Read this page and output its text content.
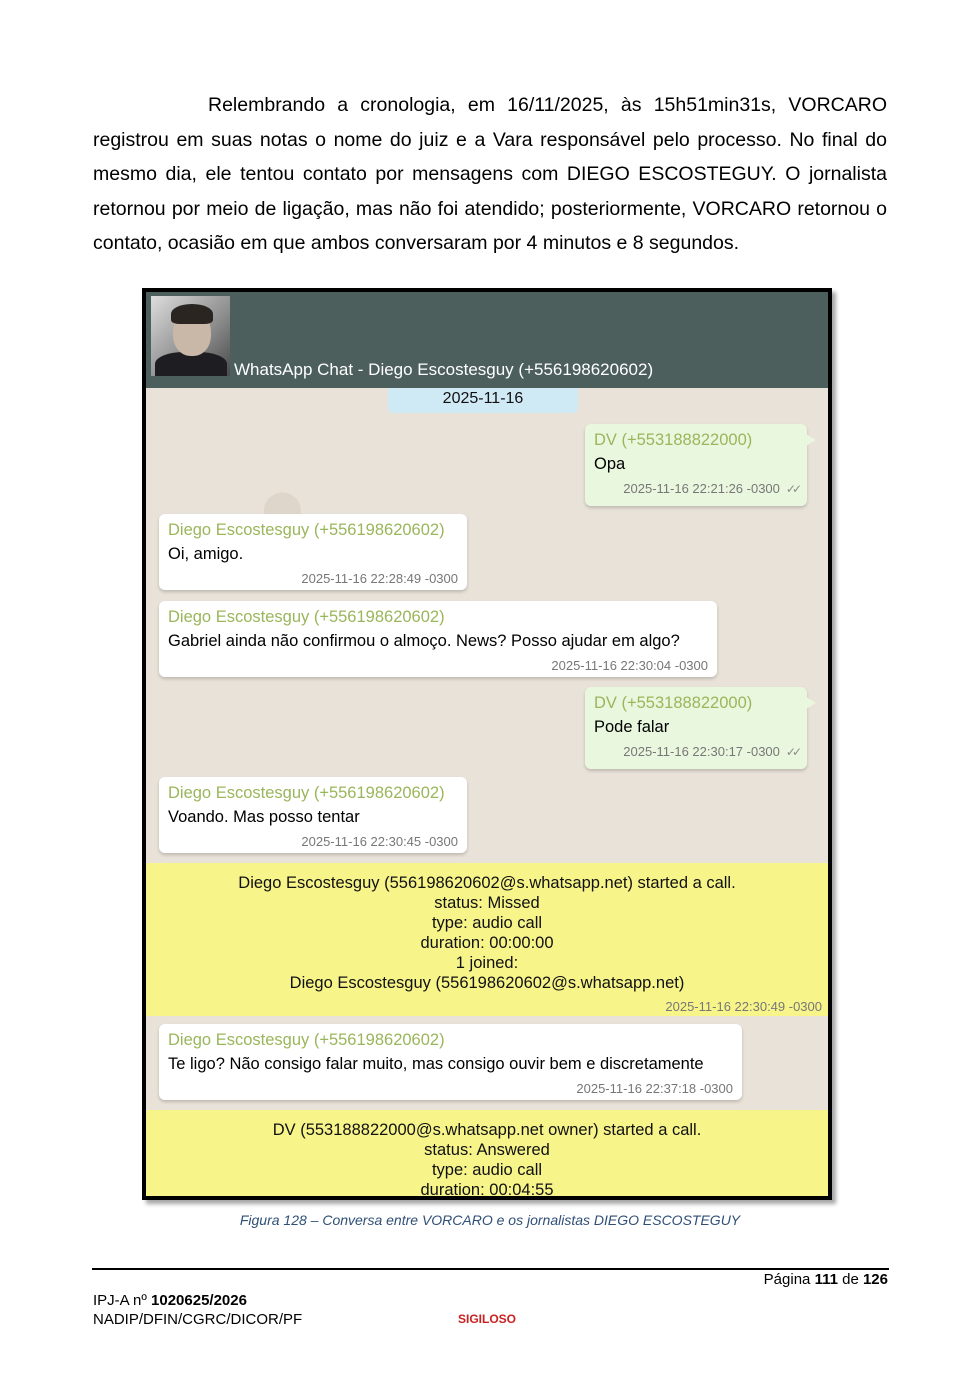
Relembrando a cronologia, em 16/11/2025, às 15h51min31s, VORCARO registrou em suas notas o nome do juiz e a Vara responsável pelo processo. No final do mesmo dia, ele tentou contato por mensagens com DIEGO ESCOSTEGUY. O jornalista retornou por meio de ligação, mas não foi atendido; posteriormente, VORCARO retornou o contato, ocasião em que ambos conversaram por 4 minutos e 8 segundos.

WhatsApp Chat - Diego Escostesguy (+556198620602)
2025-11-16
DV (+553188822000)
Opa
2025-11-16 22:21:26 -0300 ✓✓
Diego Escostesguy (+556198620602)
Oi, amigo.
2025-11-16 22:28:49 -0300
Diego Escostesguy (+556198620602)
Gabriel ainda não confirmou o almoço. News? Posso ajudar em algo?
2025-11-16 22:30:04 -0300
DV (+553188822000)
Pode falar
2025-11-16 22:30:17 -0300 ✓✓
Diego Escostesguy (+556198620602)
Voando. Mas posso tentar
2025-11-16 22:30:45 -0300
Diego Escostesguy (556198620602@s.whatsapp.net) started a call.
status: Missed
type: audio call
duration: 00:00:00
1 joined:
Diego Escostesguy (556198620602@s.whatsapp.net)
2025-11-16 22:30:49 -0300
Diego Escostesguy (+556198620602)
Te ligo? Não consigo falar muito, mas consigo ouvir bem e discretamente
2025-11-16 22:37:18 -0300
DV (553188822000@s.whatsapp.net owner) started a call.
status: Answered
type: audio call
duration: 00:04:55
Figura 128 – Conversa entre VORCARO e os jornalistas DIEGO ESCOSTEGUY
Página 111 de 126
IPJ-A nº 1020625/2026
NADIP/DFIN/CGRC/DICOR/PF	SIGILOSO
